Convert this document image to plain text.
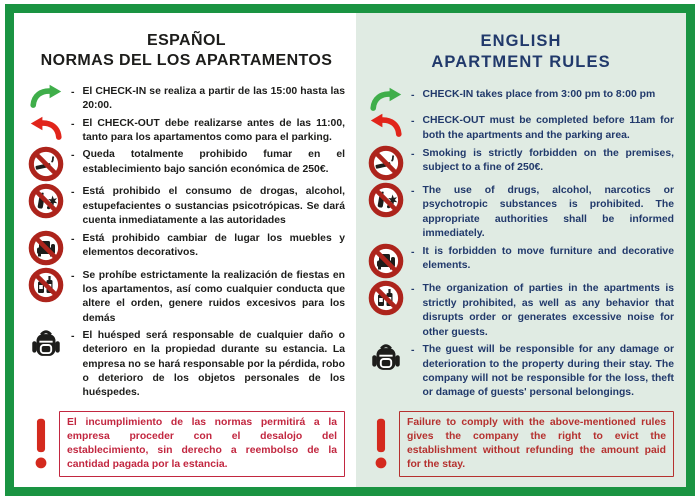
ESPAÑOL
NORMAS DEL LOS APARTAMENTOS
- El CHECK-IN se realiza a partir de las 15:00 hasta las 20:00.

- El CHECK-OUT debe realizarse antes de las 11:00, tanto para los apartamentos como para el parking.

- Queda totalmente prohibido fumar en el establecimiento bajo sanción económica de 250€.

- Está prohibido el consumo de drogas, alcohol, estupefacientes o sustancias psicotrópicas. Se dará cuenta inmediatamente a las autoridades

- Está prohibido cambiar de lugar los muebles y elementos decorativos.

- Se prohíbe estrictamente la realización de fiestas en los apartamentos, así como cualquier conducta que altere el orden, genere ruidos excesivos para los demás

- El huésped será responsable de cualquier daño o deterioro en la propiedad durante su estancia. La empresa no se hará responsable por la pérdida, robo o deterioro de los objetos personales de los huéspedes.

El incumplimiento de las normas permitirá a la empresa proceder con el desalojo del establecimiento, sin derecho a reembolso de la cantidad pagada por la estancia.
ENGLISH
APARTMENT RULES
- CHECK-IN takes place from 3:00 pm to 8:00 pm

- CHECK-OUT must be completed before 11am for both the apartments and the parking area.

- Smoking is strictly forbidden on the premises, subject to a fine of 250€.

- The use of drugs, alcohol, narcotics or psychotropic substances is prohibited. The appropriate authorities shall be informed immediately.

- It is forbidden to move furniture and decorative elements.

- The organization of parties in the apartments is strictly prohibited, as well as any behavior that disrupts order or generates excessive noise for other guests.

- The guest will be responsible for any damage or deterioration to the property during their stay. The company will not be responsible for the loss, theft or damage of guests' personal belongings.

Failure to comply with the above-mentioned rules gives the company the right to evict the establishment without refunding the amount paid for the stay.
